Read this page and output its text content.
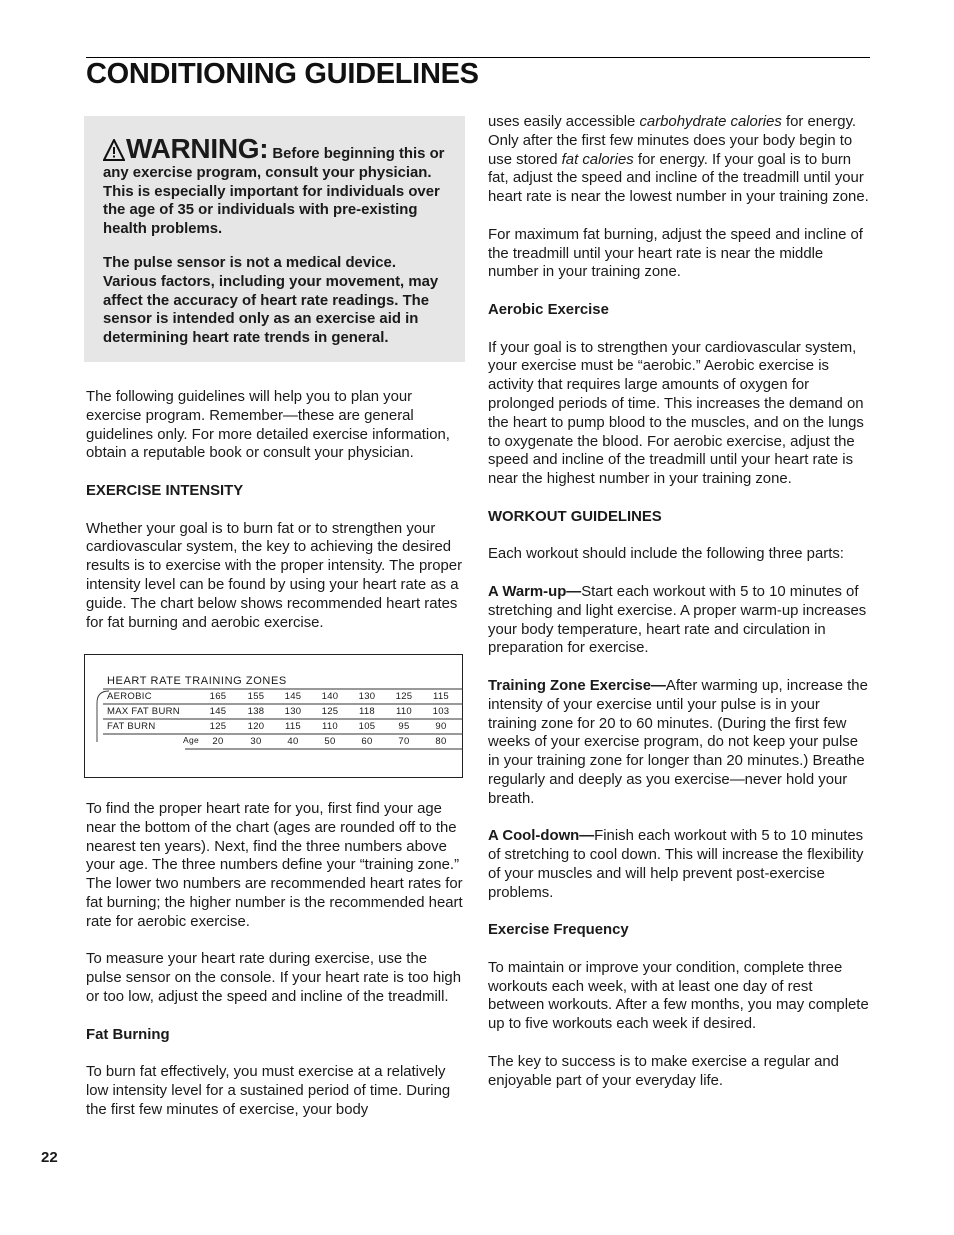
CONDITIONING GUIDELINES

WARNING: Before beginning this or any exercise program, consult your physician. This is especially important for individuals over the age of 35 or individuals with pre-existing health problems.

The pulse sensor is not a medical device. Various factors, including your movement, may affect the accuracy of heart rate readings. The sensor is intended only as an exercise aid in determining heart rate trends in general.

The following guidelines will help you to plan your exercise program. Remember—these are general guidelines only. For more detailed exercise information, obtain a reputable book or consult your physician.

EXERCISE INTENSITY

Whether your goal is to burn fat or to strengthen your cardiovascular system, the key to achieving the desired results is to exercise with the proper intensity. The proper intensity level can be found by using your heart rate as a guide. The chart below shows recommended heart rates for fat burning and aerobic exercise.

HEART RATE TRAINING ZONES
AEROBIC	165	155	145	140	130	125	115
MAX FAT BURN	145	138	130	125	118	110	103
FAT BURN	125	120	115	110	105	95	90
Age	20	30	40	50	60	70	80

To find the proper heart rate for you, first find your age near the bottom of the chart (ages are rounded off to the nearest ten years). Next, find the three numbers above your age. The three numbers define your “training zone.” The lower two numbers are recommended heart rates for fat burning; the higher number is the recommended heart rate for aerobic exercise.

To measure your heart rate during exercise, use the pulse sensor on the console. If your heart rate is too high or too low, adjust the speed and incline of the treadmill.

Fat Burning

To burn fat effectively, you must exercise at a relatively low intensity level for a sustained period of time. During the first few minutes of exercise, your body

uses easily accessible carbohydrate calories for energy. Only after the first few minutes does your body begin to use stored fat calories for energy. If your goal is to burn fat, adjust the speed and incline of the treadmill until your heart rate is near the lowest number in your training zone.

For maximum fat burning, adjust the speed and incline of the treadmill until your heart rate is near the middle number in your training zone.

Aerobic Exercise

If your goal is to strengthen your cardiovascular system, your exercise must be “aerobic.” Aerobic exercise is activity that requires large amounts of oxygen for prolonged periods of time. This increases the demand on the heart to pump blood to the muscles, and on the lungs to oxygenate the blood. For aerobic exercise, adjust the speed and incline of the treadmill until your heart rate is near the highest number in your training zone.

WORKOUT GUIDELINES

Each workout should include the following three parts:

A Warm-up—Start each workout with 5 to 10 minutes of stretching and light exercise. A proper warm-up increases your body temperature, heart rate and circulation in preparation for exercise.

Training Zone Exercise—After warming up, increase the intensity of your exercise until your pulse is in your training zone for 20 to 60 minutes. (During the first few weeks of your exercise program, do not keep your pulse in your training zone for longer than 20 minutes.) Breathe regularly and deeply as you exercise—never hold your breath.

A Cool-down—Finish each workout with 5 to 10 minutes of stretching to cool down. This will increase the flexibility of your muscles and will help prevent post-exercise problems.

Exercise Frequency

To maintain or improve your condition, complete three workouts each week, with at least one day of rest between workouts. After a few months, you may complete up to five workouts each week if desired.

The key to success is to make exercise a regular and enjoyable part of your everyday life.

22
